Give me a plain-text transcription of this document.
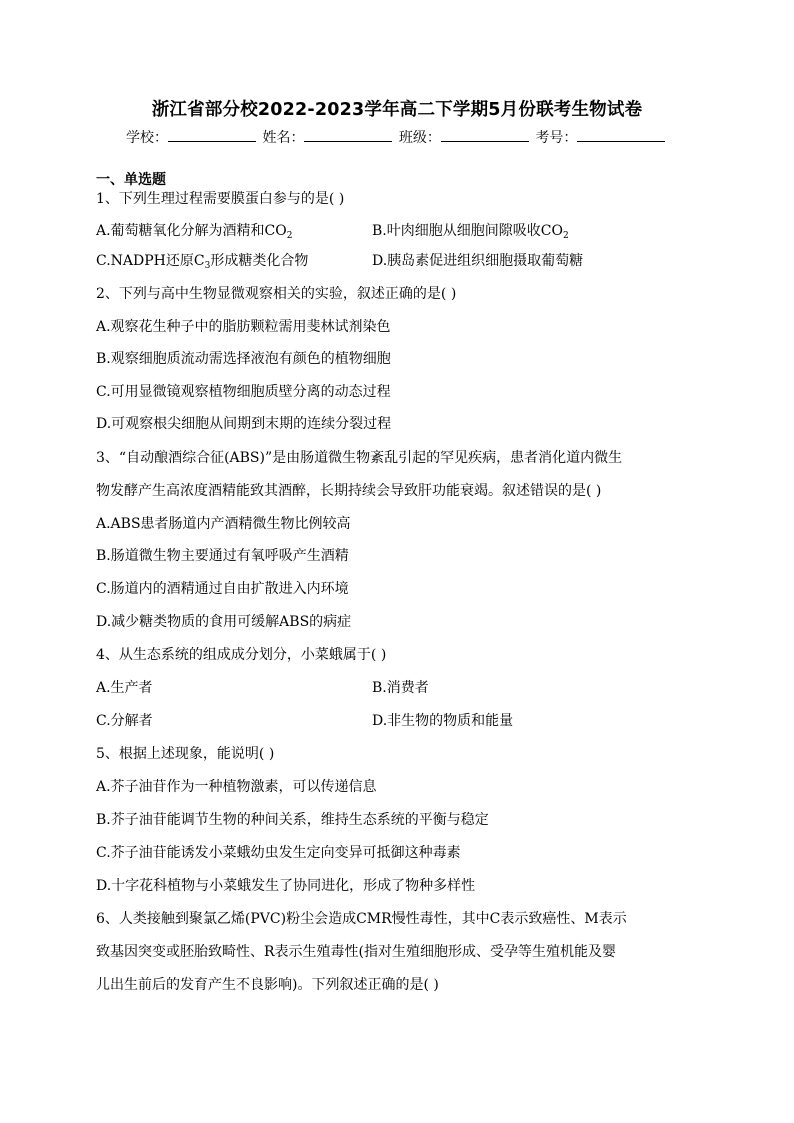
浙江省部分校2022-2023学年高二下学期5月份联考生物试卷
学校：	姓名：	班级：	考号：
一、单选题
1、下列生理过程需要膜蛋白参与的是( )
A.葡萄糖氧化分解为酒精和$CO_2$	B.叶肉细胞从细胞间隙吸收$CO_2$
C.NADPH还原$C_3$形成糖类化合物	D.胰岛素促进组织细胞摄取葡萄糖
2、下列与高中生物显微观察相关的实验，叙述正确的是( )
A.观察花生种子中的脂肪颗粒需用斐林试剂染色
B.观察细胞质流动需选择液泡有颜色的植物细胞
C.可用显微镜观察植物细胞质壁分离的动态过程
D.可观察根尖细胞从间期到末期的连续分裂过程
3、“自动酿酒综合征(ABS)”是由肠道微生物紊乱引起的罕见疾病，患者消化道内微生
物发酵产生高浓度酒精能致其酒醉，长期持续会导致肝功能衰竭。叙述错误的是( )
A.ABS患者肠道内产酒精微生物比例较高
B.肠道微生物主要通过有氧呼吸产生酒精
C.肠道内的酒精通过自由扩散进入内环境
D.减少糖类物质的食用可缓解ABS的病症
4、从生态系统的组成成分划分，小菜蛾属于( )
A.生产者	B.消费者
C.分解者	D.非生物的物质和能量
5、根据上述现象，能说明( )
A.芥子油苷作为一种植物激素，可以传递信息
B.芥子油苷能调节生物的种间关系，维持生态系统的平衡与稳定
C.芥子油苷能诱发小菜蛾幼虫发生定向变异可抵御这种毒素
D.十字花科植物与小菜蛾发生了协同进化，形成了物种多样性
6、人类接触到聚氯乙烯(PVC)粉尘会造成CMR慢性毒性，其中C表示致癌性、M表示
致基因突变或胚胎致畸性、R表示生殖毒性(指对生殖细胞形成、受孕等生殖机能及婴
儿出生前后的发育产生不良影响)。下列叙述正确的是( )
